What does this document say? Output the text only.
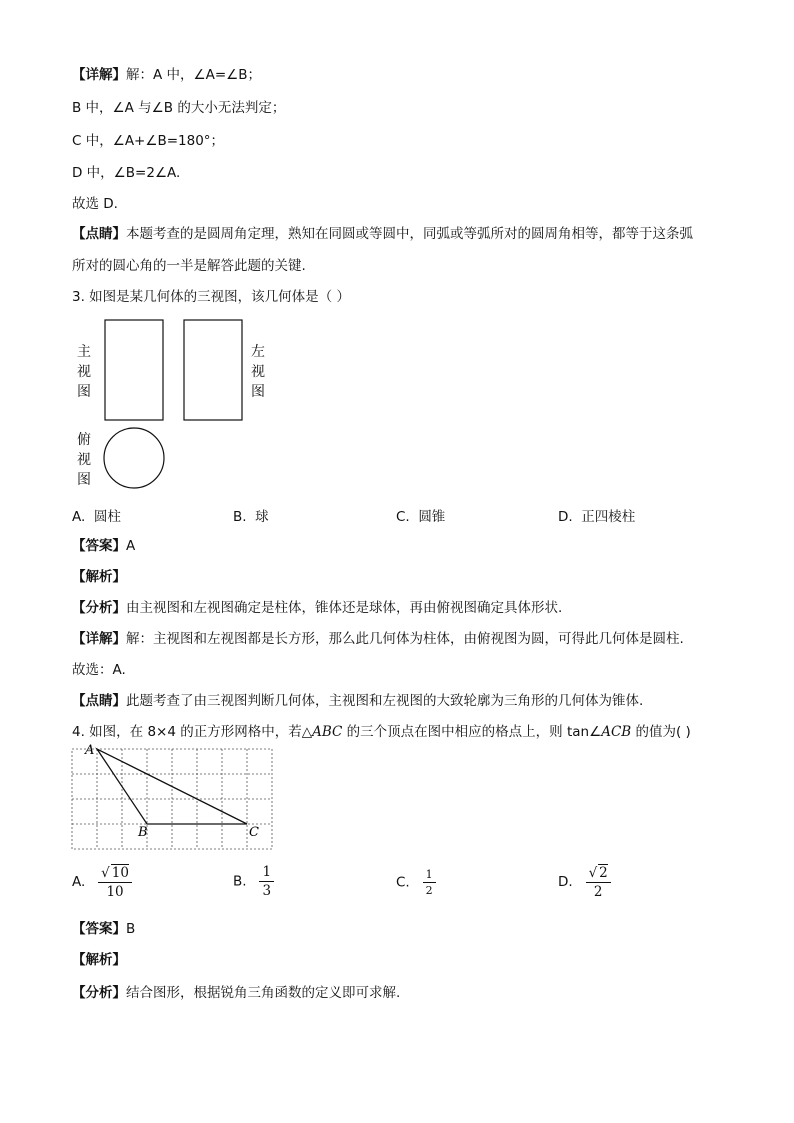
【详解】解：A 中，∠A=∠B；
B 中，∠A 与∠B 的大小无法判定；
C 中，∠A+∠B=180°；
D 中，∠B=2∠A.
故选 D.
【点睛】本题考查的是圆周角定理，熟知在同圆或等圆中，同弧或等弧所对的圆周角相等，都等于这条弧
所对的圆心角的一半是解答此题的关键.
3. 如图是某几何体的三视图，该几何体是（ ）
主
视
图
左
视
图
俯
视
图
A. 圆柱	B. 球	C. 圆锥	D. 正四棱柱
【答案】A
【解析】
【分析】由主视图和左视图确定是柱体，锥体还是球体，再由俯视图确定具体形状.
【详解】解：主视图和左视图都是长方形，那么此几何体为柱体，由俯视图为圆，可得此几何体是圆柱.
故选：A.
【点睛】此题考查了由三视图判断几何体，主视图和左视图的大致轮廓为三角形的几何体为锥体.
4. 如图，在 8×4 的正方形网格中，若△ABC 的三个顶点在图中相应的格点上，则 tan∠ACB 的值为( )
A
B	C
A. $\frac{√ 10}{10}$	B. $\frac{1}{3}$	C. $\frac{1}{2}$	D. $\frac{√ 2}{2}$
【答案】B
【解析】
【分析】结合图形，根据锐角三角函数的定义即可求解.
